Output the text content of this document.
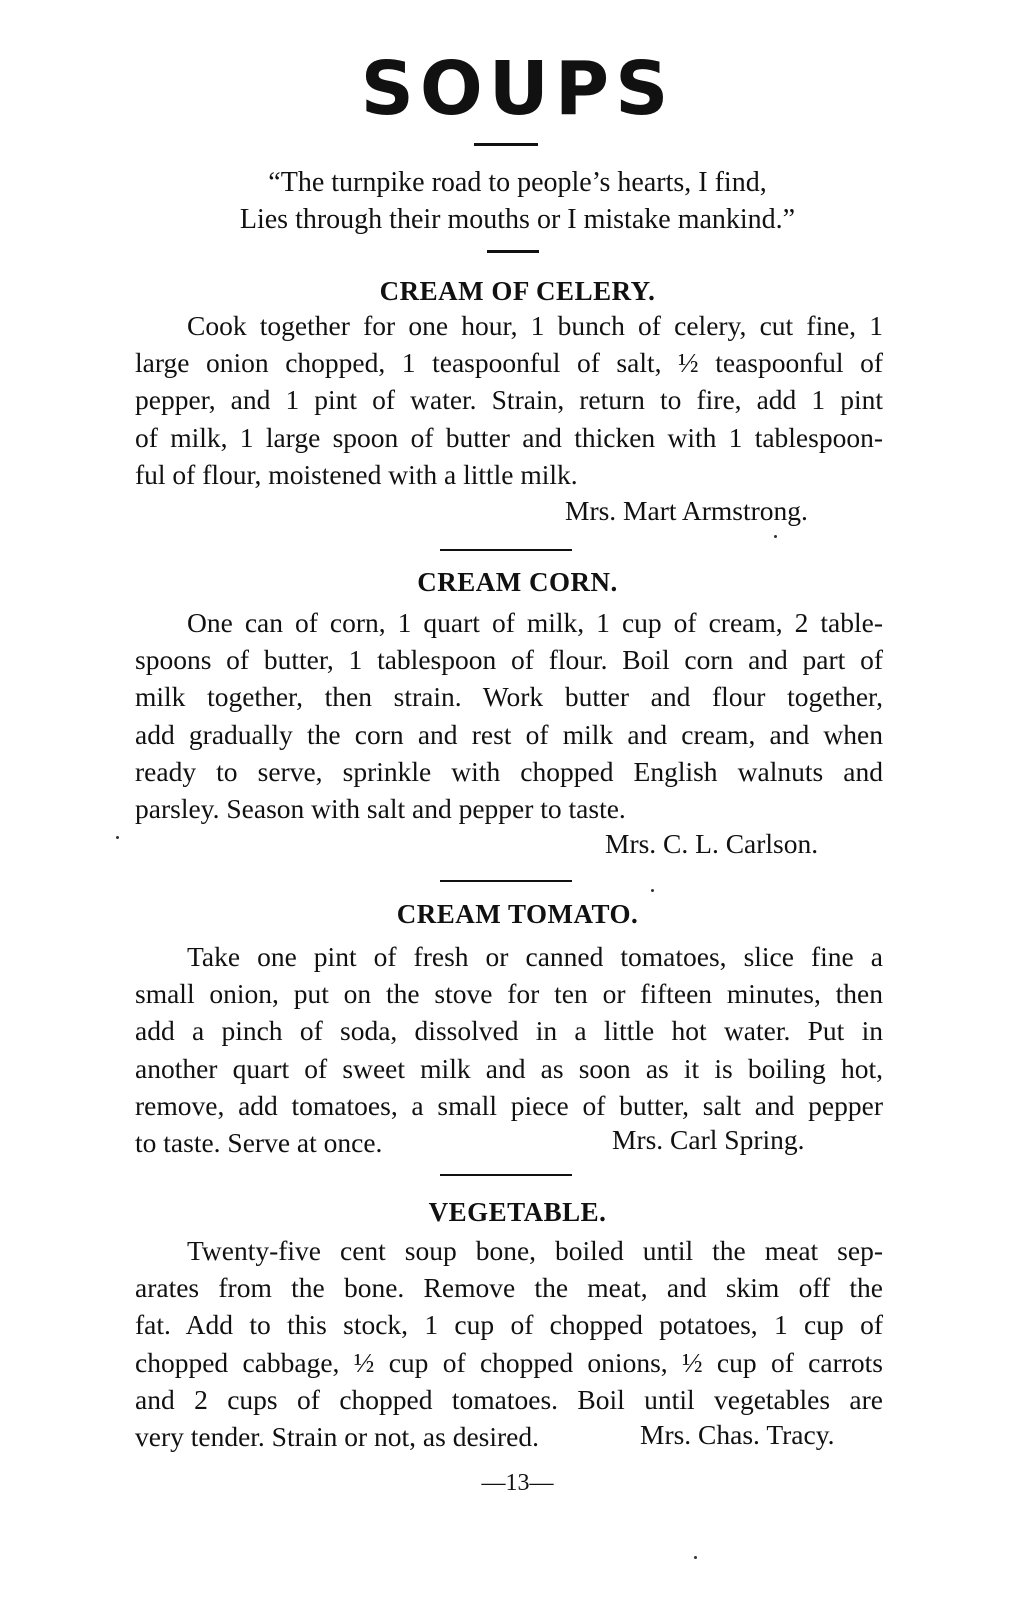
SOUPS
“The turnpike road to people’s hearts, I find,
Lies through their mouths or I mistake mankind.”
CREAM OF CELERY.
Cook together for one hour, 1 bunch of celery, cut fine, 1
large onion chopped, 1 teaspoonful of salt, ½ teaspoonful of
pepper, and 1 pint of water. Strain, return to fire, add 1 pint
of milk, 1 large spoon of butter and thicken with 1 tablespoon-
ful of flour, moistened with a little milk.
Mrs. Mart Armstrong.
CREAM CORN.
One can of corn, 1 quart of milk, 1 cup of cream, 2 table-
spoons of butter, 1 tablespoon of flour. Boil corn and part of
milk together, then strain. Work butter and flour together,
add gradually the corn and rest of milk and cream, and when
ready to serve, sprinkle with chopped English walnuts and
parsley. Season with salt and pepper to taste.
Mrs. C. L. Carlson.
CREAM TOMATO.
Take one pint of fresh or canned tomatoes, slice fine a
small onion, put on the stove for ten or fifteen minutes, then
add a pinch of soda, dissolved in a little hot water. Put in
another quart of sweet milk and as soon as it is boiling hot,
remove, add tomatoes, a small piece of butter, salt and pepper
to taste. Serve at once.	Mrs. Carl Spring.
VEGETABLE.
Twenty-five cent soup bone, boiled until the meat sep-
arates from the bone. Remove the meat, and skim off the
fat. Add to this stock, 1 cup of chopped potatoes, 1 cup of
chopped cabbage, ½ cup of chopped onions, ½ cup of carrots
and 2 cups of chopped tomatoes. Boil until vegetables are
very tender. Strain or not, as desired.	Mrs. Chas. Tracy.
—13—
